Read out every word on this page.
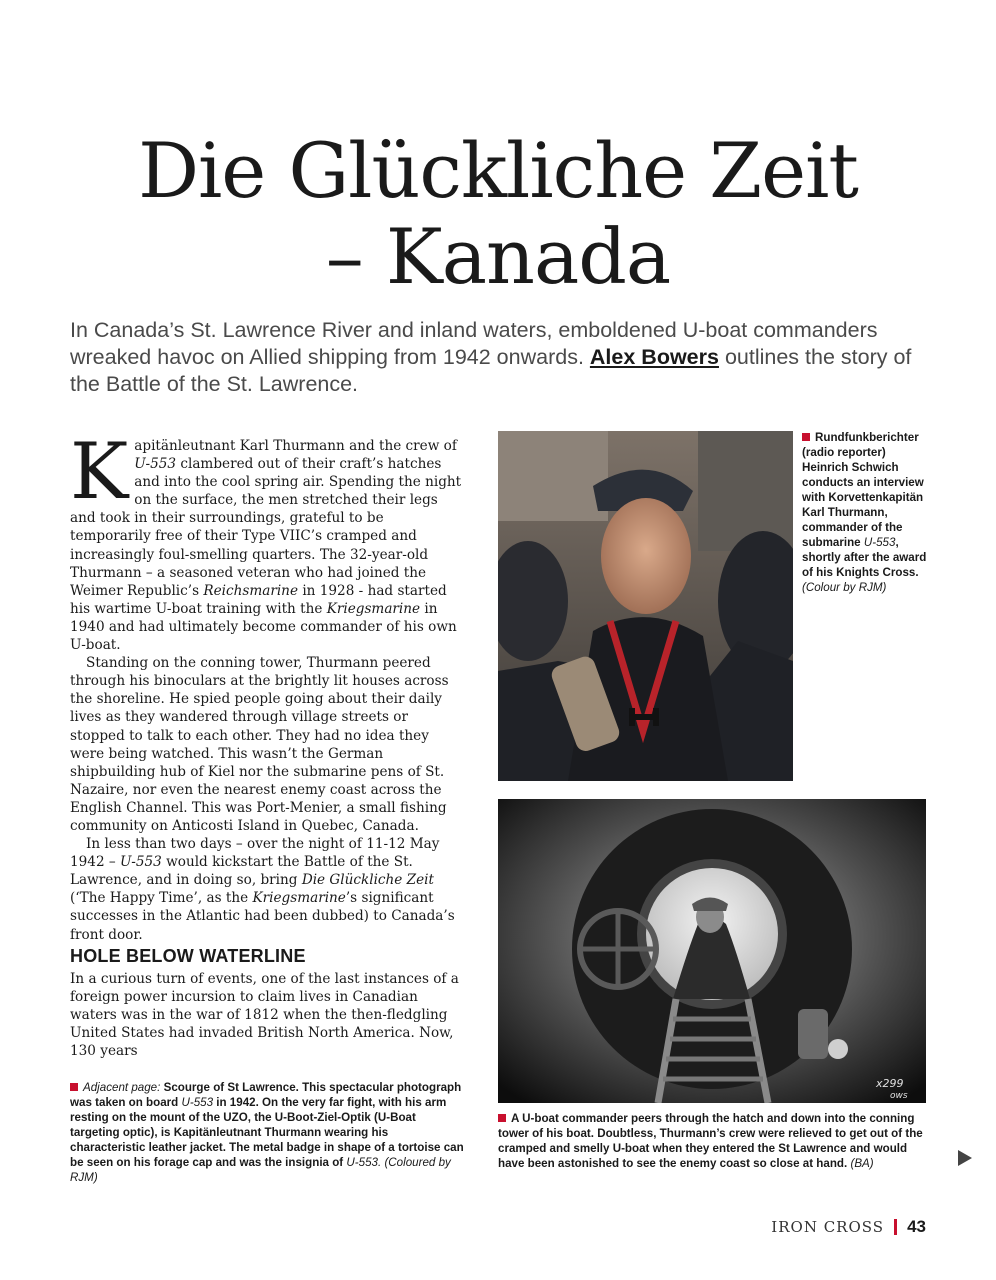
Die Glückliche Zeit
– Kanada

In Canada’s St. Lawrence River and inland waters, emboldened U-boat commanders wreaked havoc on Allied shipping from 1942 onwards. Alex Bowers outlines the story of the Battle of the St. Lawrence.

Kapitänleutnant Karl Thurmann and the crew of U-553 clambered out of their craft’s hatches and into the cool spring air. Spending the night on the surface, the men stretched their legs and took in their surroundings, grateful to be temporarily free of their Type VIIC’s cramped and increasingly foul-smelling quarters. The 32-year-old Thurmann – a seasoned veteran who had joined the Weimer Republic’s Reichsmarine in 1928 - had started his wartime U-boat training with the Kriegsmarine in 1940 and had ultimately become commander of his own U-boat.

Standing on the conning tower, Thurmann peered through his binoculars at the brightly lit houses across the shoreline. He spied people going about their daily lives as they wandered through village streets or stopped to talk to each other. They had no idea they were being watched. This wasn’t the German shipbuilding hub of Kiel nor the submarine pens of St. Nazaire, nor even the nearest enemy coast across the English Channel. This was Port-Menier, a small fishing community on Anticosti Island in Quebec, Canada.

In less than two days – over the night of 11-12 May 1942 – U-553 would kickstart the Battle of the St. Lawrence, and in doing so, bring Die Glückliche Zeit (‘The Happy Time’, as the Kriegsmarine’s significant successes in the Atlantic had been dubbed) to Canada’s front door.

HOLE BELOW WATERLINE

In a curious turn of events, one of the last instances of a foreign power incursion to claim lives in Canadian waters was in the war of 1812 when the then-fledgling United States had invaded British North America. Now, 130 years

Rundfunkberichter (radio reporter) Heinrich Schwich conducts an interview with Korvettenkapitän Karl Thurmann, commander of the submarine U-553, shortly after the award of his Knights Cross. (Colour by RJM)
x299
ows
A U-boat commander peers through the hatch and down into the conning tower of his boat. Doubtless, Thurmann’s crew were relieved to get out of the cramped and smelly U-boat when they entered the St Lawrence and would have been astonished to see the enemy coast so close at hand. (BA)
Adjacent page: Scourge of St Lawrence. This spectacular photograph was taken on board U-553 in 1942. On the very far fight, with his arm resting on the mount of the UZO, the U-Boot-Ziel-Optik (U-Boat targeting optic), is Kapitänleutnant Thurmann wearing his characteristic leather jacket. The metal badge in shape of a tortoise can be seen on his forage cap and was the insignia of U-553. (Coloured by RJM)
IRON CROSS 43
